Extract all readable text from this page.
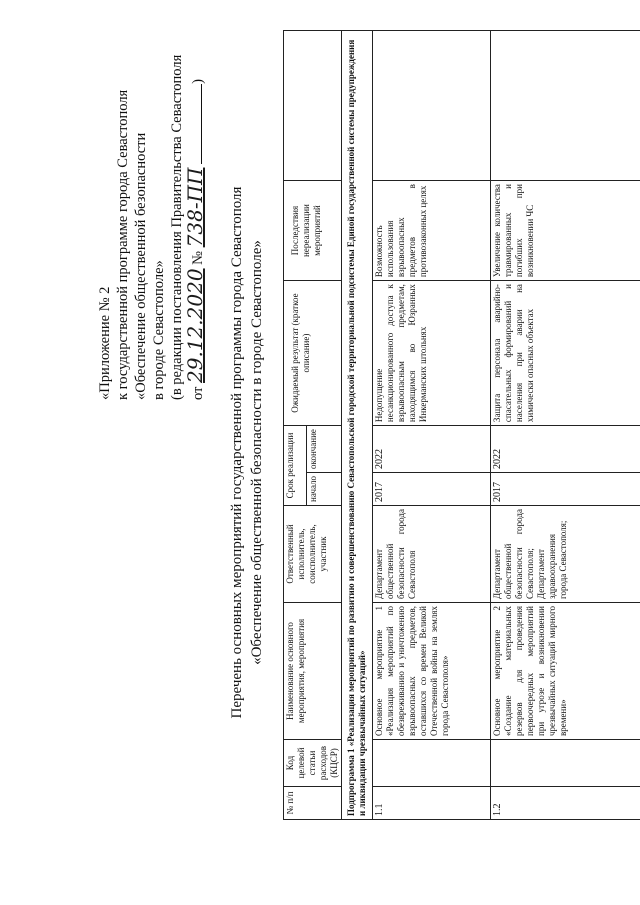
«Приложение № 2 к государственной программе города Севастополя «Обеспечение общественной безопасности в городе Севастополе» (в редакции постановления Правительства Севастополя от 29.12.2020 № 738-ПП )
Перечень основных мероприятий государственной программы города Севастополя «Обеспечение общественной безопасности в городе Севастополе»
№ п/п	Код целевой статьи расходов (КЦСР)	Наименование основного мероприятия, мероприятия	Ответственный исполнитель, соисполнитель, участник	Срок реализации		Ожидаемый результат (краткое описание)	Последствия нереализации мероприятий	
				начало	окончание			
Подпрограмма 1 «Реализация мероприятий по развитию и совершенствованию Севастопольской городской территориальной подсистемы Единой государственной системы предупреждения и ликвидации чрезвычайных ситуаций»								
1.1		Основное мероприятие 1 «Реализация мероприятий по обезвреживанию и уничтожению взрывоопасных предметов, оставшихся со времен Великой Отечественной войны на землях города Севастополя»	Департамент общественной безопасности города Севастополя	2017	2022	Недопущение несанкционированного доступа к взрывоопасным предметам, находящимся во Юзранных Инкерманских штольнях	Возможность использования взрывоопасных предметов в противозаконных целях	
1.2		Основное мероприятие 2 «Создание материальных резервов для проведения первоочередных мероприятий при угрозе и возникновении чрезвычайных ситуаций мирного времени»	Департамент общественной безопасности города Севастополя; Департамент здравоохранения города Севастополя;	2017	2022	Защита персонала аварийно-спасательных формирований и населения при аварии на химически опасных объектах	Увеличение количества травмированных и погибших при возникновении ЧС	
